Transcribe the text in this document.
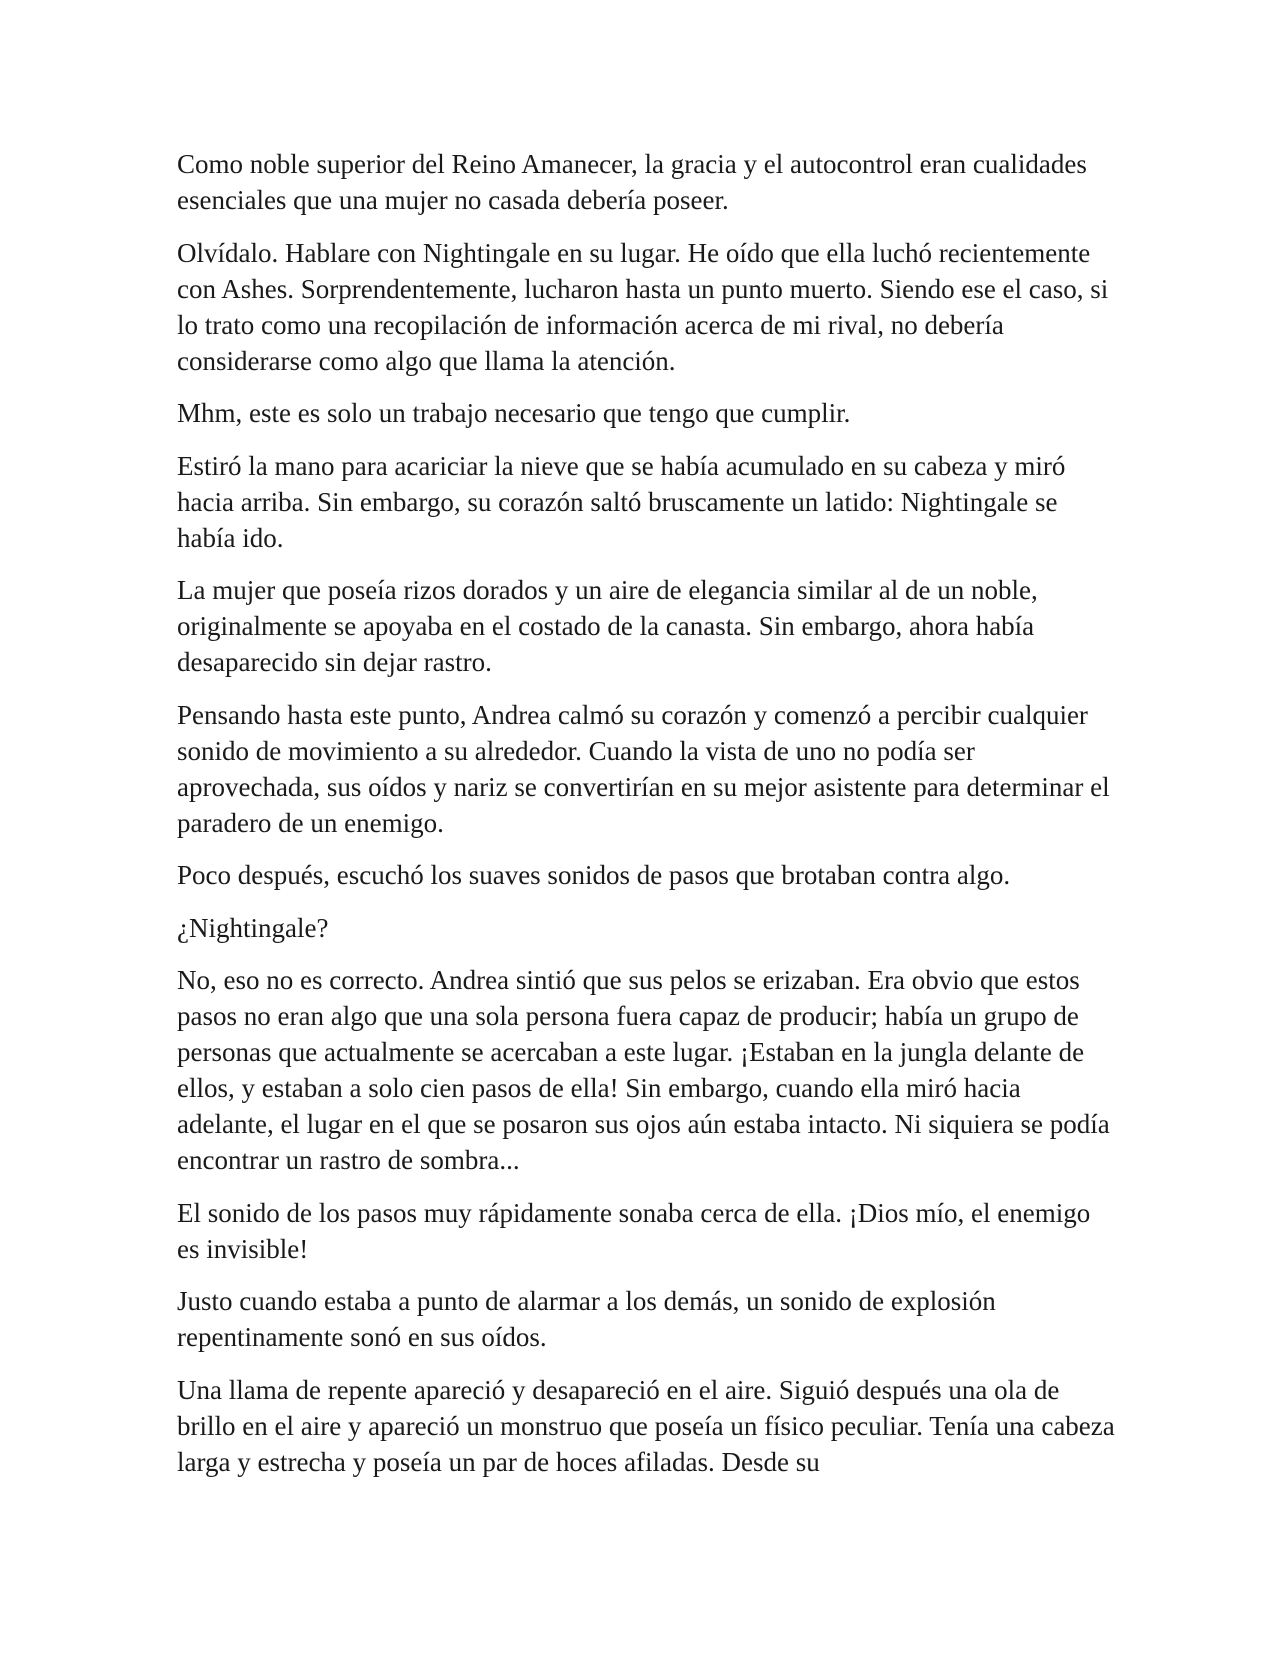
Como noble superior del Reino Amanecer, la gracia y el autocontrol eran cualidades esenciales que una mujer no casada debería poseer.

Olvídalo. Hablare con Nightingale en su lugar. He oído que ella luchó recientemente con Ashes. Sorprendentemente, lucharon hasta un punto muerto. Siendo ese el caso, si lo trato como una recopilación de información acerca de mi rival, no debería considerarse como algo que llama la atención.

Mhm, este es solo un trabajo necesario que tengo que cumplir.

Estiró la mano para acariciar la nieve que se había acumulado en su cabeza y miró hacia arriba. Sin embargo, su corazón saltó bruscamente un latido: Nightingale se había ido.

La mujer que poseía rizos dorados y un aire de elegancia similar al de un noble, originalmente se apoyaba en el costado de la canasta. Sin embargo, ahora había desaparecido sin dejar rastro.

Pensando hasta este punto, Andrea calmó su corazón y comenzó a percibir cualquier sonido de movimiento a su alrededor. Cuando la vista de uno no podía ser aprovechada, sus oídos y nariz se convertirían en su mejor asistente para determinar el paradero de un enemigo.

Poco después, escuchó los suaves sonidos de pasos que brotaban contra algo.

¿Nightingale?

No, eso no es correcto. Andrea sintió que sus pelos se erizaban. Era obvio que estos pasos no eran algo que una sola persona fuera capaz de producir; había un grupo de personas que actualmente se acercaban a este lugar. ¡Estaban en la jungla delante de ellos, y estaban a solo cien pasos de ella! Sin embargo, cuando ella miró hacia adelante, el lugar en el que se posaron sus ojos aún estaba intacto. Ni siquiera se podía encontrar un rastro de sombra...

El sonido de los pasos muy rápidamente sonaba cerca de ella. ¡Dios mío, el enemigo es invisible!

Justo cuando estaba a punto de alarmar a los demás, un sonido de explosión repentinamente sonó en sus oídos.

Una llama de repente apareció y desapareció en el aire. Siguió después una ola de brillo en el aire y apareció un monstruo que poseía un físico peculiar. Tenía una cabeza larga y estrecha y poseía un par de hoces afiladas. Desde su
